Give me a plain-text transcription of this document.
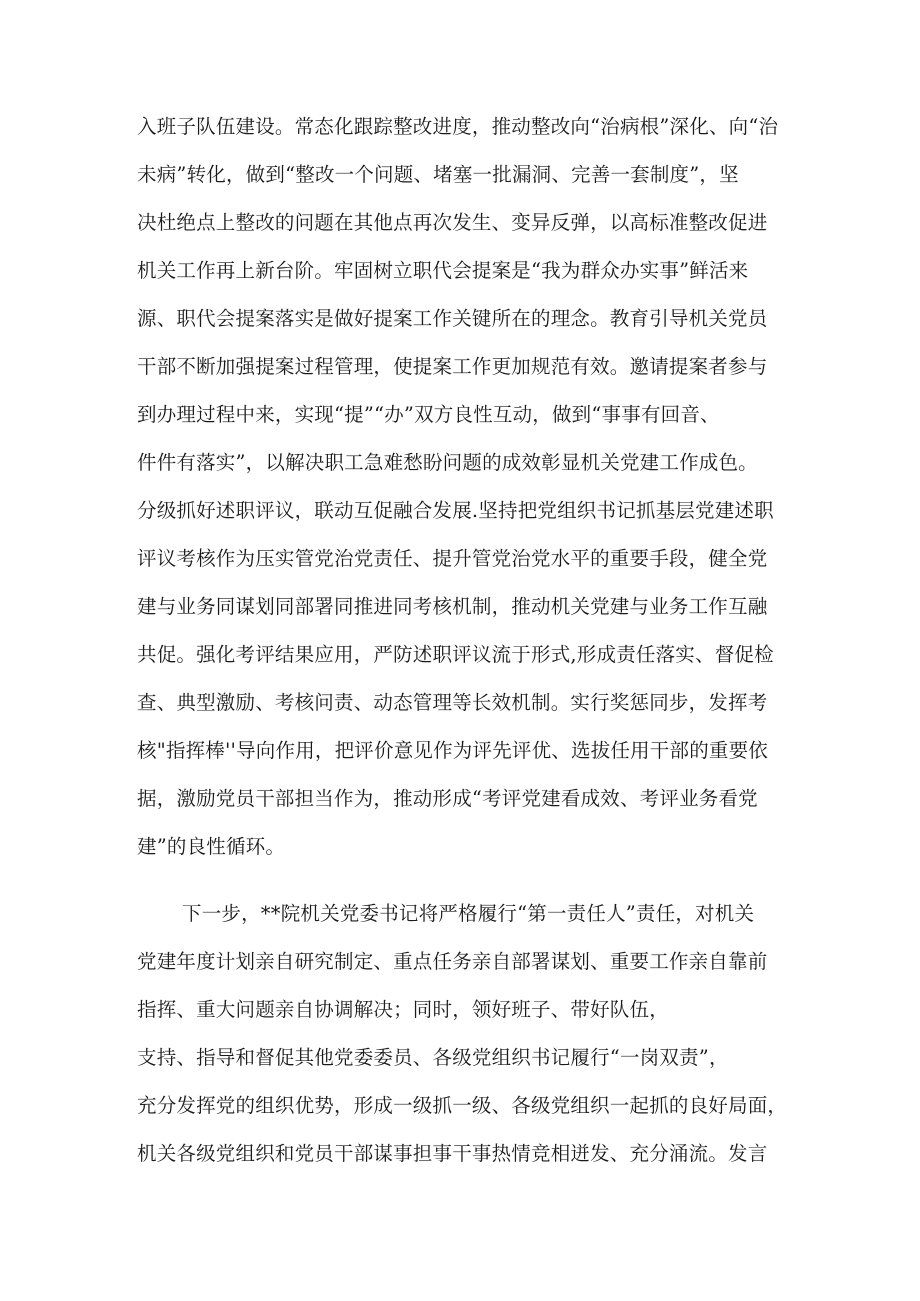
入班子队伍建设。常态化跟踪整改进度，推动整改向“治病根”深化、向“治
未病”转化，做到“整改一个问题、堵塞一批漏洞、完善一套制度”，坚
决杜绝点上整改的问题在其他点再次发生、变异反弹，以高标准整改促进
机关工作再上新台阶。牢固树立职代会提案是“我为群众办实事”鲜活来
源、职代会提案落实是做好提案工作关键所在的理念。教育引导机关党员
干部不断加强提案过程管理，使提案工作更加规范有效。邀请提案者参与
到办理过程中来，实现“提”“办”双方良性互动，做到“事事有回音、
件件有落实”，以解决职工急难愁盼问题的成效彰显机关党建工作成色。
分级抓好述职评议，联动互促融合发展.坚持把党组织书记抓基层党建述职
评议考核作为压实管党治党责任、提升管党治党水平的重要手段，健全党
建与业务同谋划同部署同推进同考核机制，推动机关党建与业务工作互融
共促。强化考评结果应用，严防述职评议流于形式,形成责任落实、督促检
查、典型激励、考核问责、动态管理等长效机制。实行奖惩同步，发挥考
核"指挥棒''导向作用，把评价意见作为评先评优、选拔任用干部的重要依
据，激励党员干部担当作为，推动形成“考评党建看成效、考评业务看党
建”的良性循环。
下一步，**院机关党委书记将严格履行“第一责任人”责任，对机关
党建年度计划亲自研究制定、重点任务亲自部署谋划、重要工作亲自靠前
指挥、重大问题亲自协调解决；同时，领好班子、带好队伍，
支持、指导和督促其他党委委员、各级党组织书记履行“一岗双责”，
充分发挥党的组织优势，形成一级抓一级、各级党组织一起抓的良好局面，
机关各级党组织和党员干部谋事担事干事热情竞相迸发、充分涌流。发言
